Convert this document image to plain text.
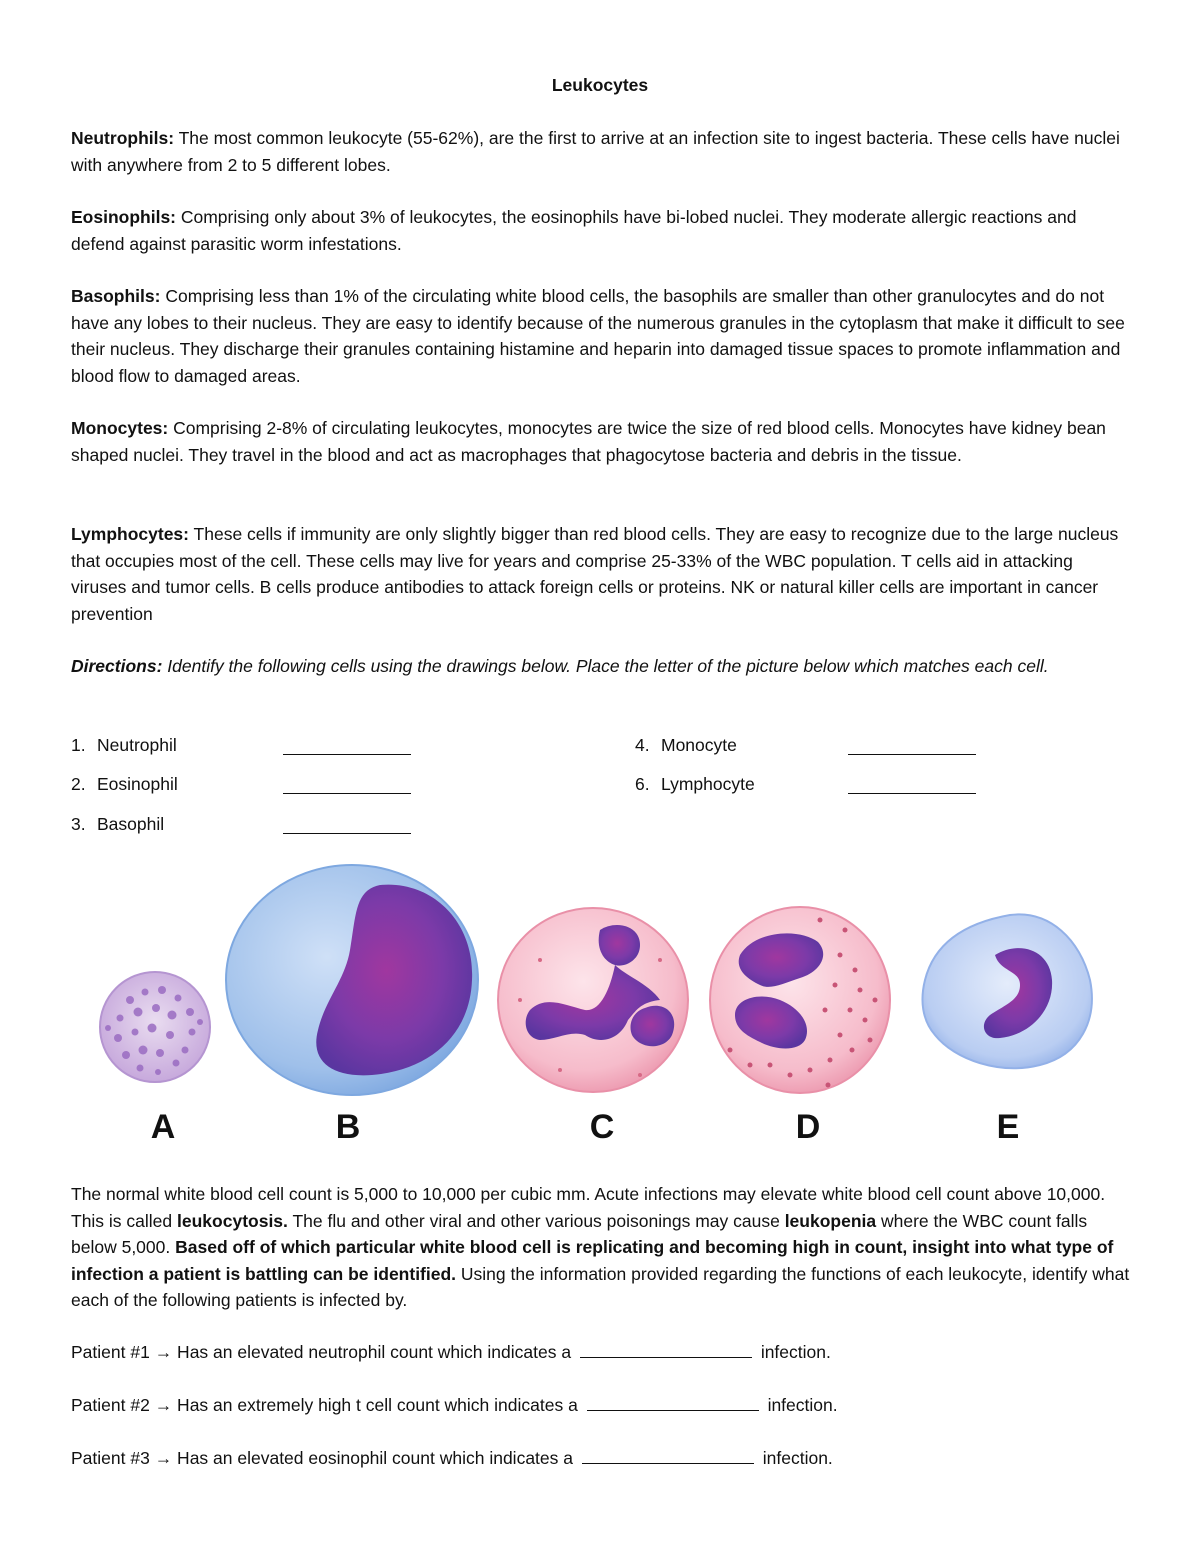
Leukocytes

Neutrophils: The most common leukocyte (55-62%), are the first to arrive at an infection site to ingest bacteria. These cells have nuclei with anywhere from 2 to 5 different lobes.

Eosinophils: Comprising only about 3% of leukocytes, the eosinophils have bi-lobed nuclei. They moderate allergic reactions and defend against parasitic worm infestations.

Basophils: Comprising less than 1% of the circulating white blood cells, the basophils are smaller than other granulocytes and do not have any lobes to their nucleus. They are easy to identify because of the numerous granules in the cytoplasm that make it difficult to see their nucleus. They discharge their granules containing histamine and heparin into damaged tissue spaces to promote inflammation and blood flow to damaged areas.

Monocytes: Comprising 2-8% of circulating leukocytes, monocytes are twice the size of red blood cells. Monocytes have kidney bean shaped nuclei. They travel in the blood and act as macrophages that phagocytose bacteria and debris in the tissue.

Lymphocytes: These cells if immunity are only slightly bigger than red blood cells. They are easy to recognize due to the large nucleus that occupies most of the cell. These cells may live for years and comprise 25-33% of the WBC population. T cells aid in attacking viruses and tumor cells. B cells produce antibodies to attack foreign cells or proteins. NK or natural killer cells are important in cancer prevention

Directions: Identify the following cells using the drawings below. Place the letter of the picture below which matches each cell.

1. Neutrophil
2. Eosinophil
3. Basophil
4. Monocyte
6. Lymphocyte
A	B	C	D	E

The normal white blood cell count is 5,000 to 10,000 per cubic mm. Acute infections may elevate white blood cell count above 10,000. This is called leukocytosis. The flu and other viral and other various poisonings may cause leukopenia where the WBC count falls below 5,000. Based off of which particular white blood cell is replicating and becoming high in count, insight into what type of infection a patient is battling can be identified. Using the information provided regarding the functions of each leukocyte, identify what each of the following patients is infected by.

Patient #1 → Has an elevated neutrophil count which indicates a	infection.
Patient #2 → Has an extremely high t cell count which indicates a	infection.
Patient #3 → Has an elevated eosinophil count which indicates a	infection.
